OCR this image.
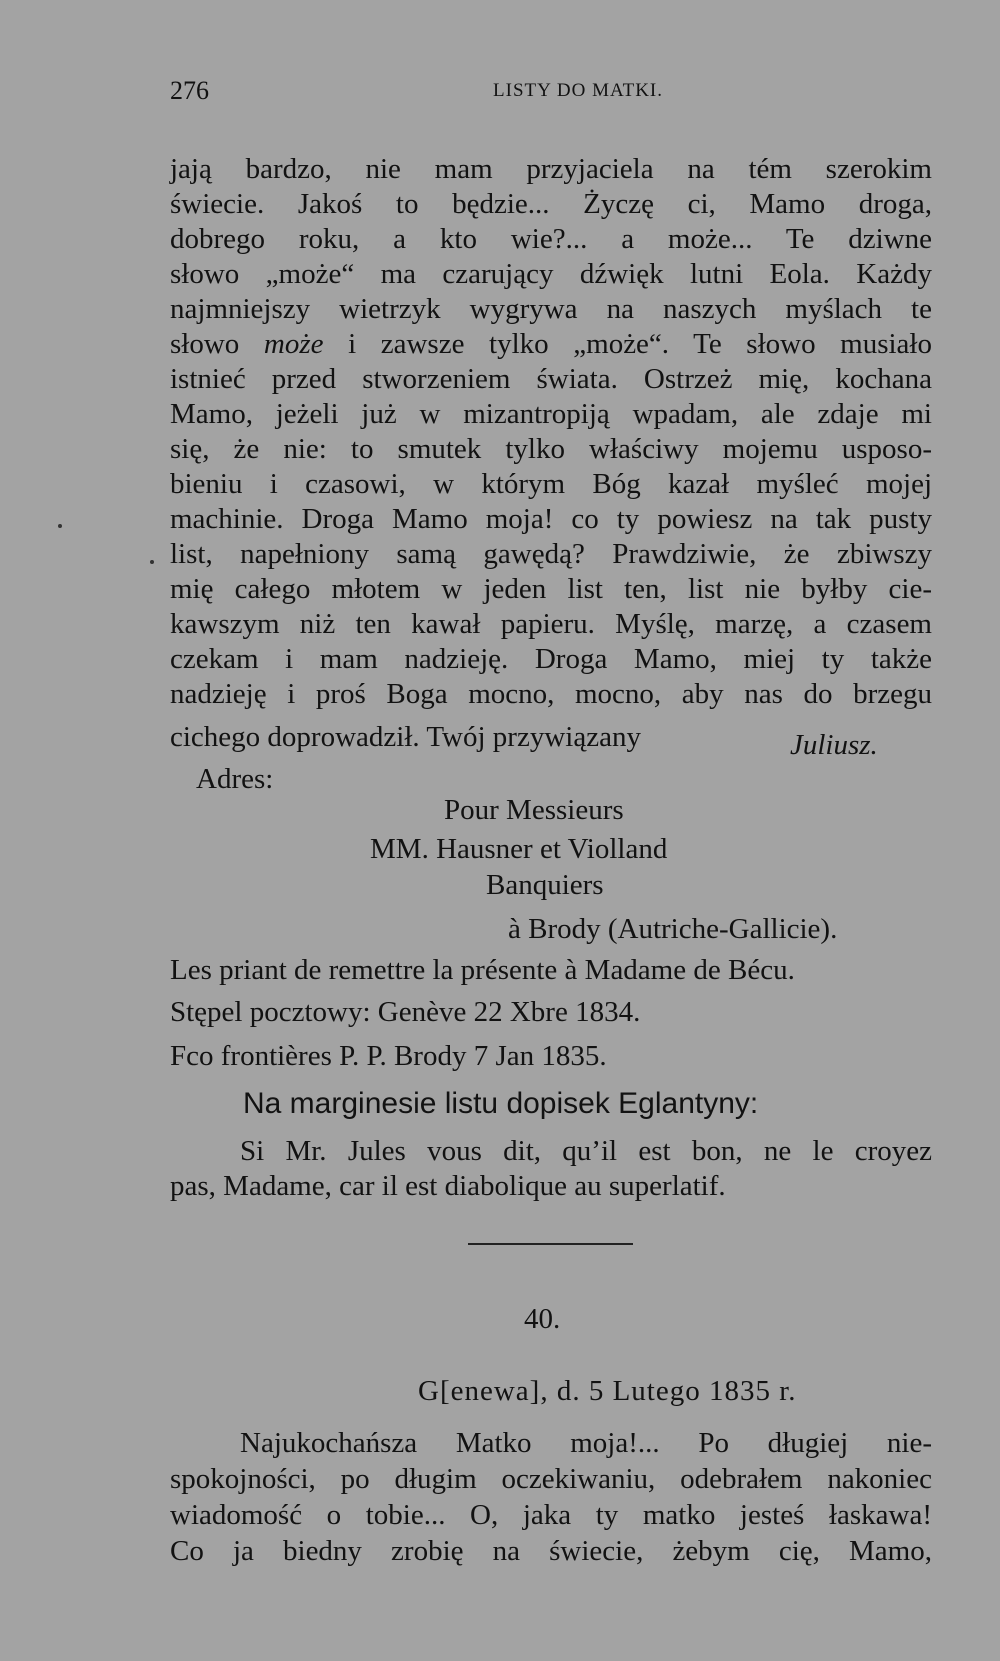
276	LISTY DO MATKI.
jają bardzo, nie mam przyjaciela na tém szerokim
świecie. Jakoś to będzie... Życzę ci, Mamo droga,
dobrego roku, a kto wie?... a może... Te dziwne
słowo „może“ ma czarujący dźwięk lutni Eola. Każdy
najmniejszy wietrzyk wygrywa na naszych myślach te
słowo może i zawsze tylko „może“. Te słowo musiało
istnieć przed stworzeniem świata. Ostrzeż mię, kochana
Mamo, jeżeli już w mizantropiją wpadam, ale zdaje mi
się, że nie: to smutek tylko właściwy mojemu usposo-
bieniu i czasowi, w którym Bóg kazał myśleć mojej
machinie. Droga Mamo moja! co ty powiesz na tak pusty
list, napełniony samą gawędą? Prawdziwie, że zbiwszy
mię całego młotem w jeden list ten, list nie byłby cie-
kawszym niż ten kawał papieru. Myślę, marzę, a czasem
czekam i mam nadzieję. Droga Mamo, miej ty także
nadzieję i proś Boga mocno, mocno, aby nas do brzegu
cichego doprowadził. Twój przywiązany	Juliusz.
Adres:
Pour Messieurs
MM. Hausner et Violland
Banquiers
à Brody (Autriche-Gallicie).
Les priant de remettre la présente à Madame de Bécu.
Stępel pocztowy: Genève 22 Xbre 1834.
Fco frontières P. P. Brody 7 Jan 1835.
Na marginesie listu dopisek Eglantyny:
Si Mr. Jules vous dit, qu’il est bon, ne le croyez
pas, Madame, car il est diabolique au superlatif.
40.
G[enewa], d. 5 Lutego 1835 r.
Najukochańsza Matko moja!... Po długiej nie-
spokojności, po długim oczekiwaniu, odebrałem nakoniec
wiadomość o tobie... O, jaka ty matko jesteś łaskawa!
Co ja biedny zrobię na świecie, żebym cię, Mamo,
